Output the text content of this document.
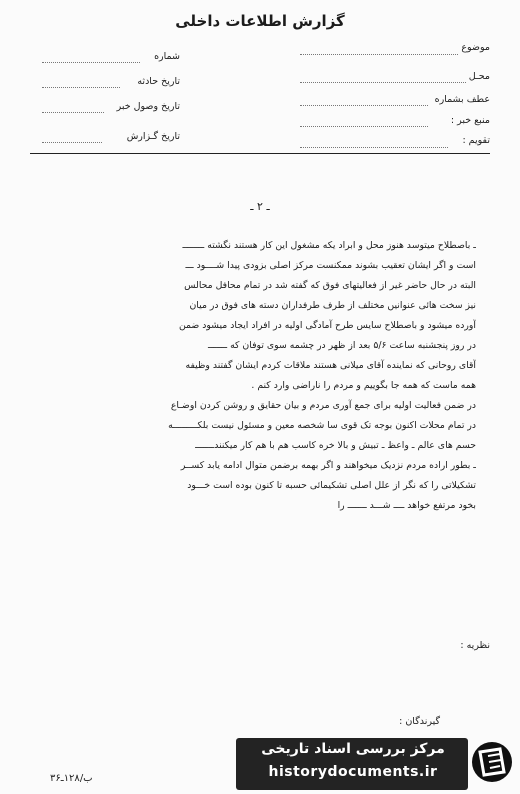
گزارش اطلاعات داخلی
موضوع
محـل
عطف بشماره
منبع خبر :
تقویم :
شماره
تاریخ حادثه
تاریخ وصول خبر
تاریخ گـزارش
ـ ۲ ـ
ـ باصطلاح میتوسد هنوز محل و ابراد یکه مشغول این کار هستند نگشته ــــــــ
است و اگر ایشان تعقیب بشوند ممکنست مرکز اصلی بزودی پیدا شــــود ـــ
البته در حال حاضر غیر از فعالیتهای فوق که گفته شد در تمام محافل محالس
نیز سخت هائی عنوانیں مختلف از طرف طرفداران دسته های فوق در میان
آورده میشود و باصطلاح سایس طرح آمادگی اولیه در افراد ایجاد میشود ضمن
در روز پنجشنبه ساعت ۵/۶ بعد از ظهر در چشمه سوی توفان که ـــــــ
آقای روحانی که نماینده آقای میلانی هستند ملاقات کردم ایشان گفتند وظیفه
همه ماست که همه جا بگوییم و مردم را ناراضی وارد کنم .
در ضمن فعالیت اولیه برای جمع آوری مردم و بیان حقایق و روشن کردن اوضـاع
در تمام محلات اکنون بوجه تک قوی سا شخصه معین و مسئول نیست بلکـــــــــه
حسم های عالم ـ واعظ ـ تبیش و بالا خره کاسب هم با هم کار میکنندـــــــ
ـ بطور اراده مردم نزدیک میخواهند و اگر بهمه برضمن متوال ادامه یابد کســر
تشکیلاتی را که نگر از علل اصلی تشکیمائی حسبه تا کنون بوده است خـــود
بخود مرتفع خواهد ــــ شـــد ـــــــ را
نظریه :
گیرندگان :
ب/۱۲۸ـ۳۶
مرکز بررسی اسناد تاریخی
historydocuments.ir
